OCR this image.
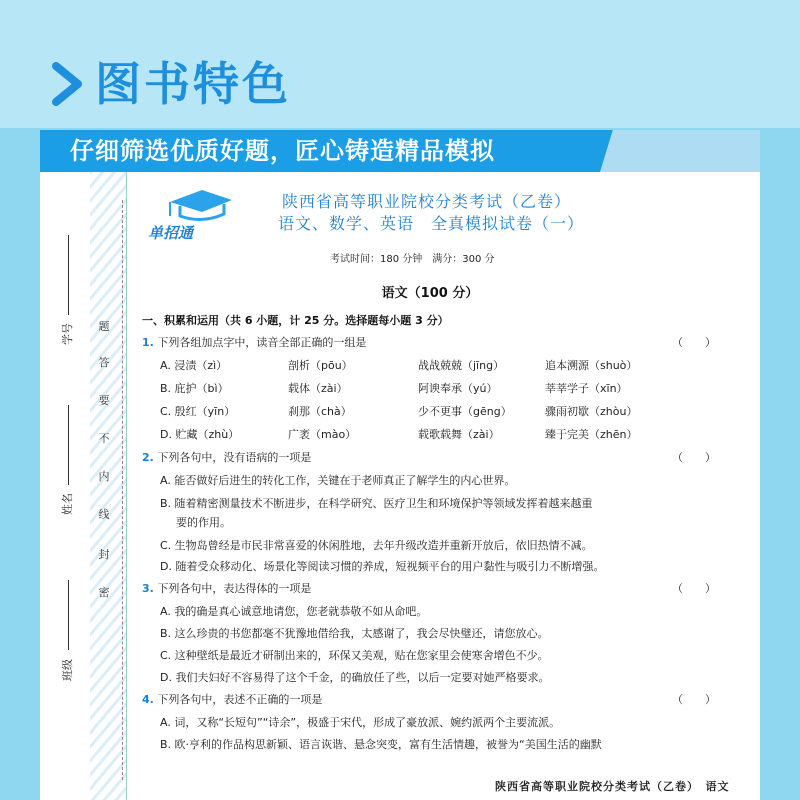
图书特色
仔细筛选优质好题，匠心铸造精品模拟
学号
姓名
班级
题
答
要
不
内
线
封
密
单招通
陕西省高等职业院校分类考试（乙卷）
语文、数学、英语　全真模拟试卷（一）
考试时间：180 分钟　满分：300 分
语文（100 分）
一、积累和运用（共 6 小题，计 25 分。选择题每小题 3 分）
1. 下列各组加点字中，读音全部正确的一组是	（　　）
A. 浸渍（zì）	剖析（pōu）	战战兢兢（jīng）	追本溯源（shuò）
B. 庇护（bì）	载体（zài）	阿谀奉承（yú）	莘莘学子（xīn）
C. 殷红（yīn）	刹那（chà）	少不更事（gēng）	骤雨初歇（zhòu）
D. 贮藏（zhù）	广袤（mào）	载歌载舞（zài）	臻于完美（zhēn）
2. 下列各句中，没有语病的一项是	（　　）
A. 能否做好后进生的转化工作，关键在于老师真正了解学生的内心世界。
B. 随着精密测量技术不断进步，在科学研究、医疗卫生和环境保护等领域发挥着越来越重
要的作用。
C. 生物岛曾经是市民非常喜爱的休闲胜地，去年升级改造并重新开放后，依旧热情不减。
D. 随着受众移动化、场景化等阅读习惯的养成，短视频平台的用户黏性与吸引力不断增强。
3. 下列各句中，表达得体的一项是	（　　）
A. 我的确是真心诚意地请您，您老就恭敬不如从命吧。
B. 这么珍贵的书您都毫不犹豫地借给我，太感谢了，我会尽快璧还，请您放心。
C. 这种壁纸是最近才研制出来的，环保又美观，贴在您家里会使寒舍增色不少。
D. 我们夫妇好不容易得了这个千金，的确放任了些，以后一定要对她严格要求。
4. 下列各句中，表述不正确的一项是	（　　）
A. 词，又称“长短句”“诗余”，极盛于宋代，形成了豪放派、婉约派两个主要流派。
B. 欧·亨利的作品构思新颖、语言诙谐、悬念突变，富有生活情趣，被誉为“美国生活的幽默
陕西省高等职业院校分类考试（乙卷）　语文
